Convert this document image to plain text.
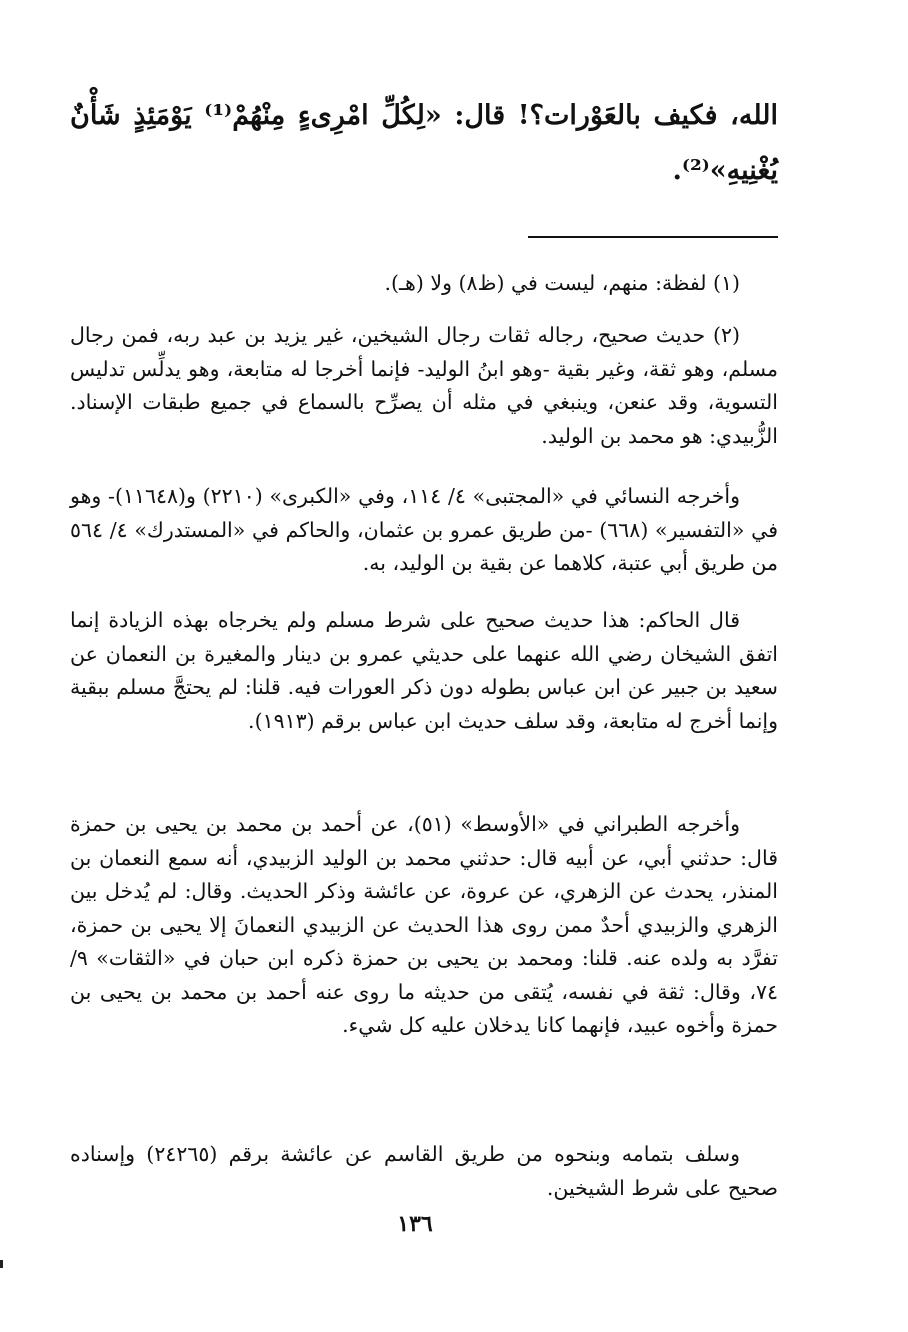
الله، فكيف بالعَوْرات؟! قال: «لِكُلِّ امْرِىءٍ مِنْهُمْ⁽¹⁾ يَوْمَئِذٍ شَأْنٌ يُغْنِيهِ»⁽²⁾.

(١) لفظة: منهم، ليست في (ظ٨) ولا (هـ).

(٢) حديث صحيح، رجاله ثقات رجال الشيخين، غير يزيد بن عبد ربه، فمن رجال مسلم، وهو ثقة، وغير بقية -وهو ابنُ الوليد- فإنما أخرجا له متابعة، وهو يدلِّس تدليس التسوية، وقد عنعن، وينبغي في مثله أن يصرِّح بالسماع في جميع طبقات الإسناد. الزُّبيدي: هو محمد بن الوليد.

وأخرجه النسائي في «المجتبى» ٤/ ١١٤، وفي «الكبرى» (٢٢١٠) و(١١٦٤٨)- وهو في «التفسير» (٦٦٨) -من طريق عمرو بن عثمان، والحاكم في «المستدرك» ٤/ ٥٦٤ من طريق أبي عتبة، كلاهما عن بقية بن الوليد، به.

قال الحاكم: هذا حديث صحيح على شرط مسلم ولم يخرجاه بهذه الزيادة إنما اتفق الشيخان رضي الله عنهما على حديثي عمرو بن دينار والمغيرة بن النعمان عن سعيد بن جبير عن ابن عباس بطوله دون ذكر العورات فيه. قلنا: لم يحتجَّ مسلم ببقية وإنما أخرج له متابعة، وقد سلف حديث ابن عباس برقم (١٩١٣).

وأخرجه الطبراني في «الأوسط» (٥١)، عن أحمد بن محمد بن يحيى بن حمزة قال: حدثني أبي، عن أبيه قال: حدثني محمد بن الوليد الزبيدي، أنه سمع النعمان بن المنذر، يحدث عن الزهري، عن عروة، عن عائشة وذكر الحديث. وقال: لم يُدخل بين الزهري والزبيدي أحدٌ ممن روى هذا الحديث عن الزبيدي النعمانَ إلا يحيى بن حمزة، تفرَّد به ولده عنه. قلنا: ومحمد بن يحيى بن حمزة ذكره ابن حبان في «الثقات» ٩/ ٧٤، وقال: ثقة في نفسه، يُتقى من حديثه ما روى عنه أحمد بن محمد بن يحيى بن حمزة وأخوه عبيد، فإنهما كانا يدخلان عليه كل شيء.

وسلف بتمامه وبنحوه من طريق القاسم عن عائشة برقم (٢٤٢٦٥) وإسناده صحيح على شرط الشيخين.

١٣٦
